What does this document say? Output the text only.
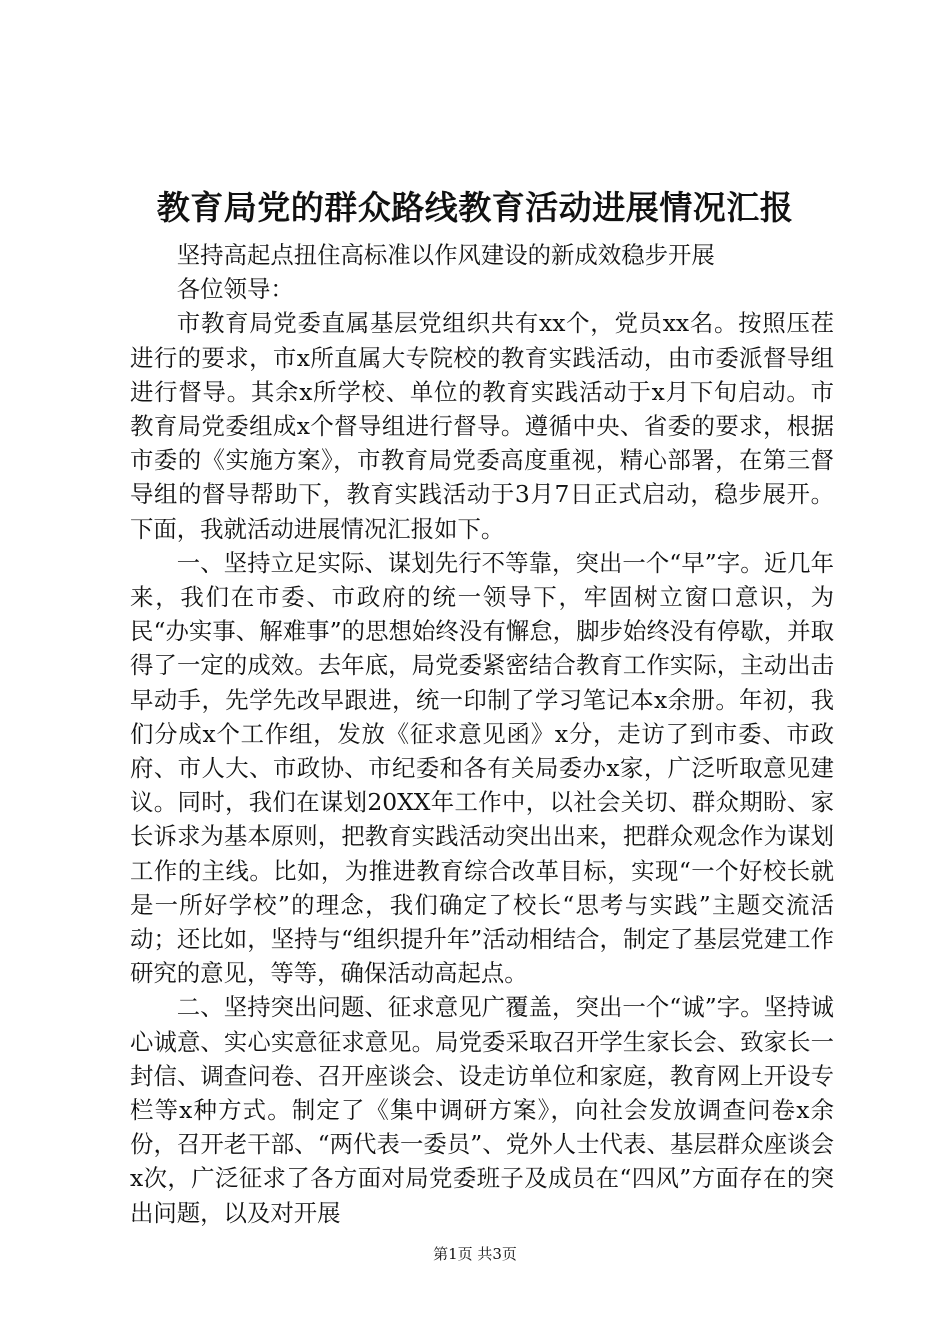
教育局党的群众路线教育活动进展情况汇报

坚持高起点扭住高标准以作风建设的新成效稳步开展

各位领导：

市教育局党委直属基层党组织共有xx个，党员xx名。按照压茬进行的要求，市x所直属大专院校的教育实践活动，由市委派督导组进行督导。其余x所学校、单位的教育实践活动于x月下旬启动。市教育局党委组成x个督导组进行督导。遵循中央、省委的要求，根据市委的《实施方案》，市教育局党委高度重视，精心部署，在第三督导组的督导帮助下，教育实践活动于3月7日正式启动，稳步展开。下面，我就活动进展情况汇报如下。

一、坚持立足实际、谋划先行不等靠，突出一个“早”字。近几年来，我们在市委、市政府的统一领导下，牢固树立窗口意识，为民“办实事、解难事”的思想始终没有懈怠，脚步始终没有停歇，并取得了一定的成效。去年底，局党委紧密结合教育工作实际，主动出击早动手，先学先改早跟进，统一印制了学习笔记本x余册。年初，我们分成x个工作组，发放《征求意见函》x分，走访了到市委、市政府、市人大、市政协、市纪委和各有关局委办x家，广泛听取意见建议。同时，我们在谋划20XX年工作中，以社会关切、群众期盼、家长诉求为基本原则，把教育实践活动突出出来，把群众观念作为谋划工作的主线。比如，为推进教育综合改革目标，实现“一个好校长就是一所好学校”的理念，我们确定了校长“思考与实践”主题交流活动；还比如，坚持与“组织提升年”活动相结合，制定了基层党建工作研究的意见，等等，确保活动高起点。

二、坚持突出问题、征求意见广覆盖，突出一个“诚”字。坚持诚心诚意、实心实意征求意见。局党委采取召开学生家长会、致家长一封信、调查问卷、召开座谈会、设走访单位和家庭，教育网上开设专栏等x种方式。制定了《集中调研方案》，向社会发放调查问卷x余份，召开老干部、“两代表一委员”、党外人士代表、基层群众座谈会x次，广泛征求了各方面对局党委班子及成员在“四风”方面存在的突出问题，以及对开展

第1页 共3页
